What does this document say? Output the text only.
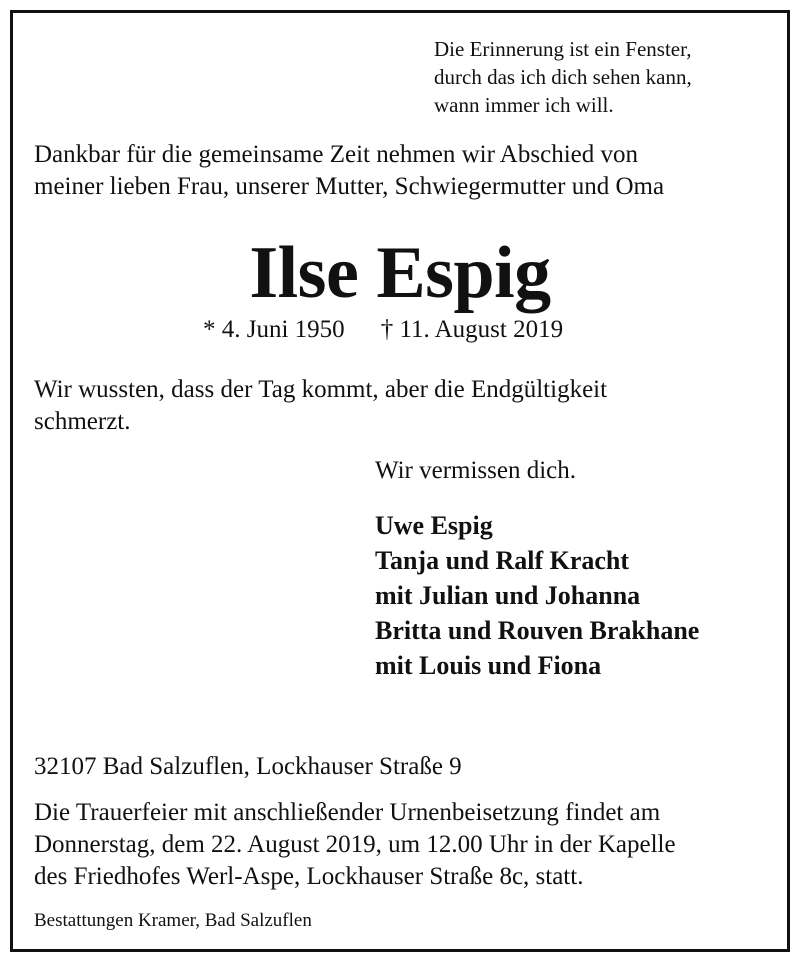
Die Erinnerung ist ein Fenster,
durch das ich dich sehen kann,
wann immer ich will.
Dankbar für die gemeinsame Zeit nehmen wir Abschied von
meiner lieben Frau, unserer Mutter, Schwiegermutter und Oma
Ilse Espig
* 4. Juni 1950 † 11. August 2019
Wir wussten, dass der Tag kommt, aber die Endgültigkeit
schmerzt.
Wir vermissen dich.
Uwe Espig
Tanja und Ralf Kracht
mit Julian und Johanna
Britta und Rouven Brakhane
mit Louis und Fiona
32107 Bad Salzuflen, Lockhauser Straße 9
Die Trauerfeier mit anschließender Urnenbeisetzung findet am
Donnerstag, dem 22. August 2019, um 12.00 Uhr in der Kapelle
des Friedhofes Werl-Aspe, Lockhauser Straße 8c, statt.
Bestattungen Kramer, Bad Salzuflen
